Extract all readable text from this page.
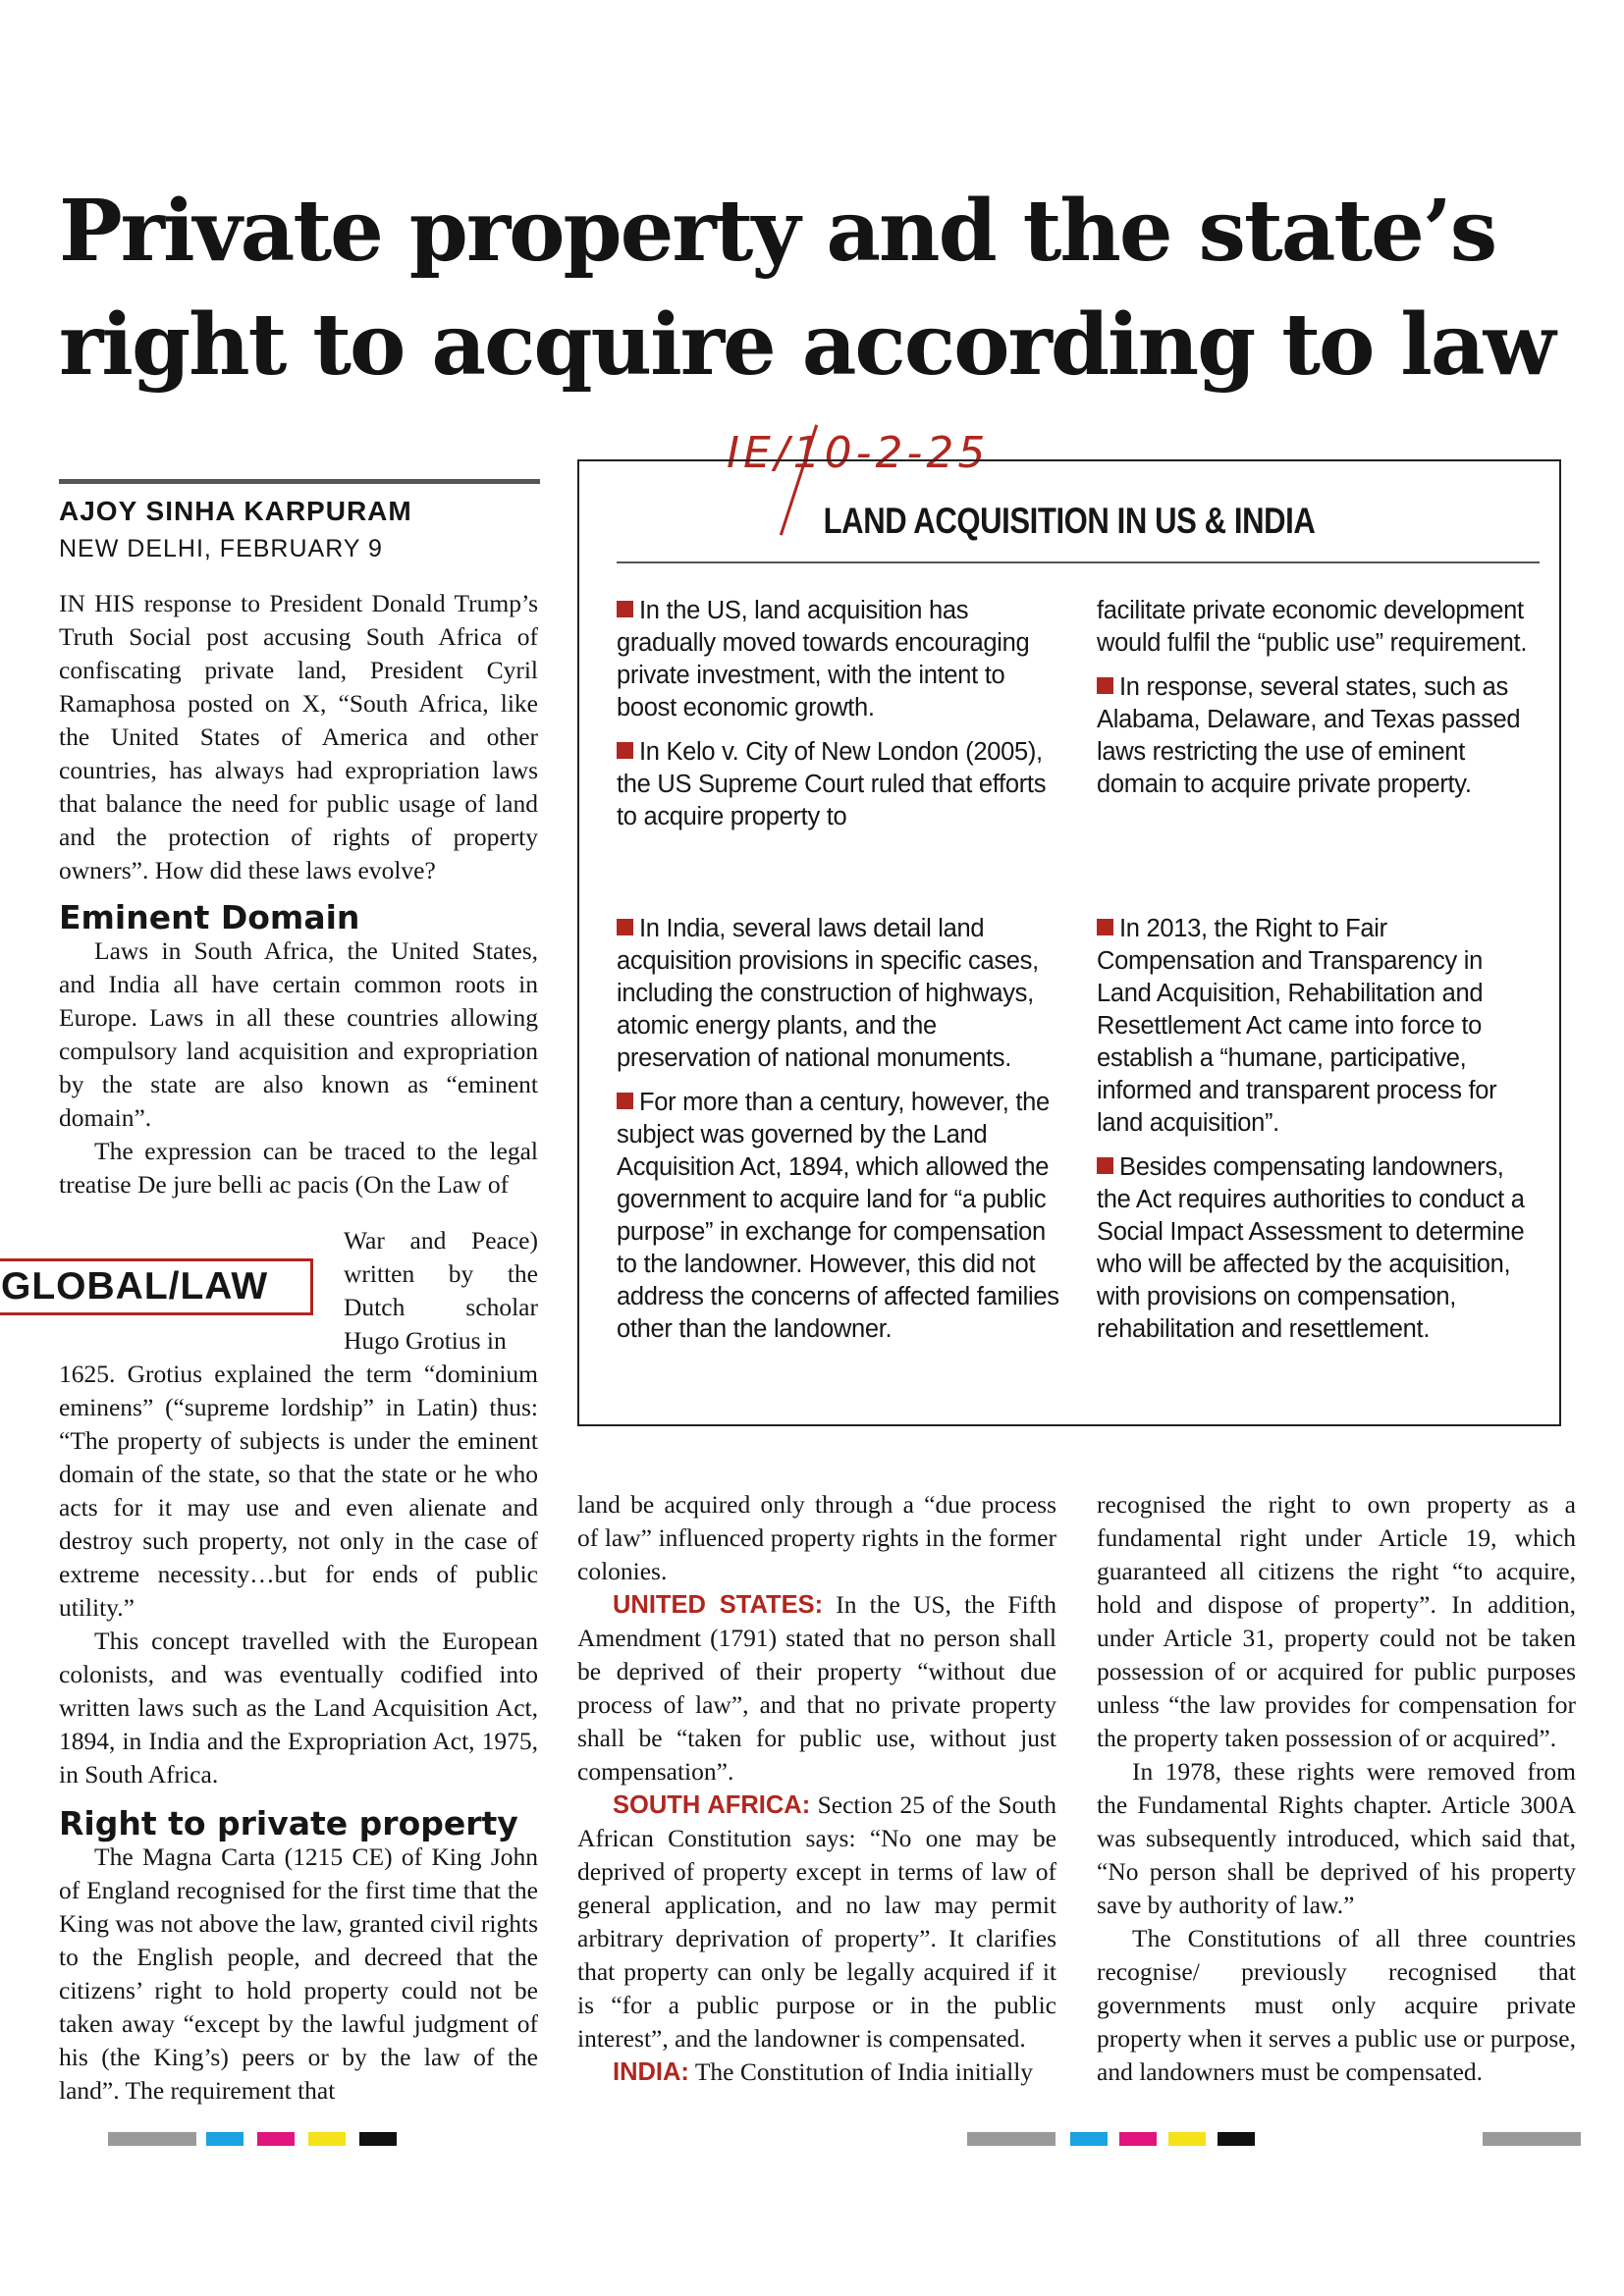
Private property and the state’s
right to acquire according to law
IE/10-2-25
AJOY SINHA KARPURAM
NEW DELHI, FEBRUARY 9
LAND ACQUISITION IN US & INDIA

In the US, land acquisition has gradually moved towards encouraging private investment, with the intent to boost economic growth.

In Kelo v. City of New London (2005), the US Supreme Court ruled that efforts to acquire property to

facilitate private economic development would fulfil the “public use” requirement.

In response, several states, such as Alabama, Delaware, and Texas passed laws restricting the use of eminent domain to acquire private property.

In India, several laws detail land acquisition provisions in specific cases, including the construction of highways, atomic energy plants, and the preservation of national monuments.

For more than a century, however, the subject was governed by the Land Acquisition Act, 1894, which allowed the government to acquire land for “a public purpose” in exchange for compensation to the landowner. However, this did not address the concerns of affected families other than the landowner.

In 2013, the Right to Fair Compensation and Transparency in Land Acquisition, Rehabilitation and Resettlement Act came into force to establish a “humane, participative, informed and transparent process for land acquisition”.

Besides compensating landowners, the Act requires authorities to conduct a Social Impact Assessment to determine who will be affected by the acquisition, with provisions on compensation, rehabilitation and resettlement.

IN HIS response to President Donald Trump’s Truth Social post accusing South Africa of confiscating private land, President Cyril Ramaphosa posted on X, “South Africa, like the United States of America and other countries, has always had expropriation laws that balance the need for public usage of land and the protection of rights of property owners”. How did these laws evolve?

Eminent Domain

Laws in South Africa, the United States, and India all have certain common roots in Europe. Laws in all these countries allowing compulsory land acquisition and expropriation by the state are also known as “eminent domain”.

The expression can be traced to the legal treatise De jure belli ac pacis (On the Law of

GLOBAL/LAW

War and Peace) written by the Dutch scholar Hugo Grotius in

1625. Grotius explained the term “dominium eminens” (“supreme lordship” in Latin) thus: “The property of subjects is under the eminent domain of the state, so that the state or he who acts for it may use and even alienate and destroy such property, not only in the case of extreme necessity…but for ends of public utility.”

This concept travelled with the European colonists, and was eventually codified into written laws such as the Land Acquisition Act, 1894, in India and the Expropriation Act, 1975, in South Africa.

Right to private property

The Magna Carta (1215 CE) of King John of England recognised for the first time that the King was not above the law, granted civil rights to the English people, and decreed that the citizens’ right to hold property could not be taken away “except by the lawful judgment of his (the King’s) peers or by the law of the land”. The requirement that

land be acquired only through a “due process of law” influenced property rights in the former colonies.

UNITED STATES: In the US, the Fifth Amendment (1791) stated that no person shall be deprived of their property “without due process of law”, and that no private property shall be “taken for public use, without just compensation”.

SOUTH AFRICA: Section 25 of the South African Constitution says: “No one may be deprived of property except in terms of law of general application, and no law may permit arbitrary deprivation of property”. It clarifies that property can only be legally acquired if it is “for a public purpose or in the public interest”, and the landowner is compensated.

INDIA: The Constitution of India initially

recognised the right to own property as a fundamental right under Article 19, which guaranteed all citizens the right “to acquire, hold and dispose of property”. In addition, under Article 31, property could not be taken possession of or acquired for public purposes unless “the law provides for compensation for the property taken possession of or acquired”.

In 1978, these rights were removed from the Fundamental Rights chapter. Article 300A was subsequently introduced, which said that, “No person shall be deprived of his property save by authority of law.”

The Constitutions of all three countries recognise/ previously recognised that governments must only acquire private property when it serves a public use or purpose, and landowners must be compensated.
